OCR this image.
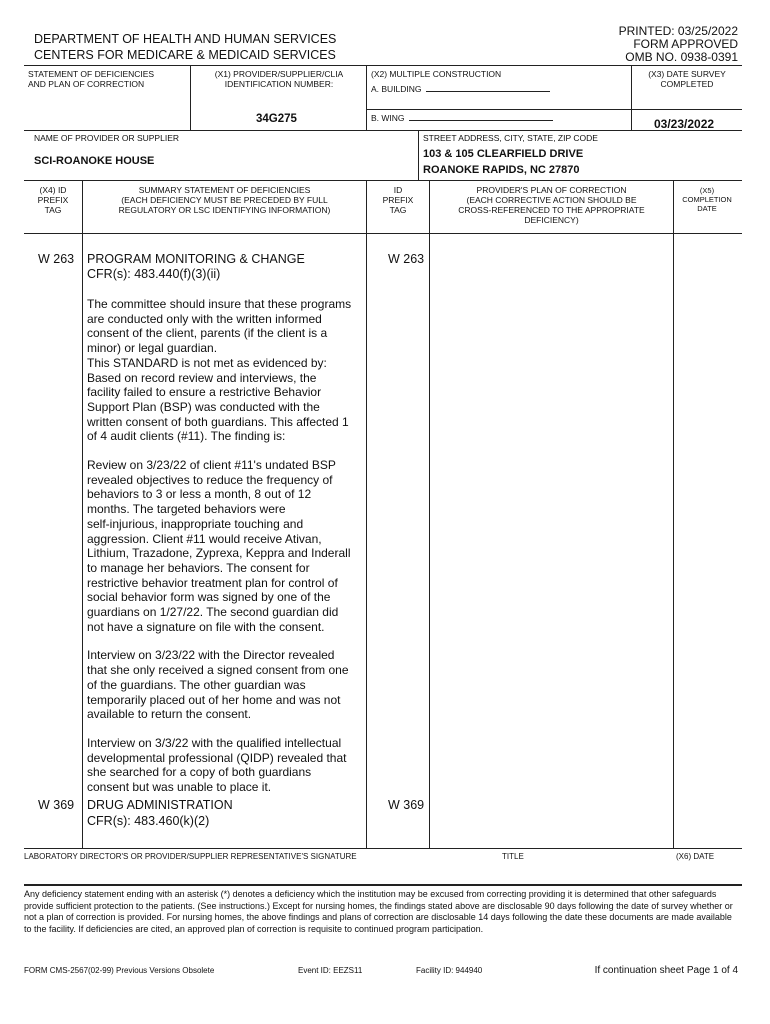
DEPARTMENT OF HEALTH AND HUMAN SERVICES
CENTERS FOR MEDICARE & MEDICAID SERVICES
PRINTED: 03/25/2022
FORM APPROVED
OMB NO. 0938-0391
STATEMENT OF DEFICIENCIES
AND PLAN OF CORRECTION
(X1) PROVIDER/SUPPLIER/CLIA
IDENTIFICATION NUMBER:
34G275
(X2) MULTIPLE CONSTRUCTION
A. BUILDING
B. WING
(X3) DATE SURVEY
COMPLETED
03/23/2022
NAME OF PROVIDER OR SUPPLIER
SCI-ROANOKE HOUSE
STREET ADDRESS, CITY, STATE, ZIP CODE
103 & 105 CLEARFIELD DRIVE
ROANOKE RAPIDS, NC 27870
(X4) ID
PREFIX
TAG
SUMMARY STATEMENT OF DEFICIENCIES
(EACH DEFICIENCY MUST BE PRECEDED BY FULL
REGULATORY OR LSC IDENTIFYING INFORMATION)
ID
PREFIX
TAG
PROVIDER'S PLAN OF CORRECTION
(EACH CORRECTIVE ACTION SHOULD BE
CROSS-REFERENCED TO THE APPROPRIATE
DEFICIENCY)
(X5)
COMPLETION
DATE
W 263	W 263
PROGRAM MONITORING & CHANGE
CFR(s): 483.440(f)(3)(ii)

The committee should insure that these programs
are conducted only with the written informed
consent of the client, parents (if the client is a
minor) or legal guardian.
This STANDARD is not met as evidenced by:
Based on record review and interviews, the
facility failed to ensure a restrictive Behavior
Support Plan (BSP) was conducted with the
written consent of both guardians. This affected 1
of 4 audit clients (#11). The finding is:

Review on 3/23/22 of client #11's undated BSP
revealed objectives to reduce the frequency of
behaviors to 3 or less a month, 8 out of 12
months. The targeted behaviors were
self-injurious, inappropriate touching and
aggression. Client #11 would receive Ativan,
Lithium, Trazadone, Zyprexa, Keppra and Inderall
to manage her behaviors. The consent for
restrictive behavior treatment plan for control of
social behavior form was signed by one of the
guardians on 1/27/22. The second guardian did
not have a signature on file with the consent.

Interview on 3/23/22 with the Director revealed
that she only received a signed consent from one
of the guardians. The other guardian was
temporarily placed out of her home and was not
available to return the consent.

Interview on 3/3/22 with the qualified intellectual
developmental professional (QIDP) revealed that
she searched for a copy of both guardians
consent but was unable to place it.

W 369	W 369
DRUG ADMINISTRATION
CFR(s): 483.460(k)(2)
LABORATORY DIRECTOR'S OR PROVIDER/SUPPLIER REPRESENTATIVE'S SIGNATURE	TITLE	(X6) DATE
Any deficiency statement ending with an asterisk (*) denotes a deficiency which the institution may be excused from correcting providing it is determined that other safeguards provide sufficient protection to the patients. (See instructions.) Except for nursing homes, the findings stated above are disclosable 90 days following the date of survey whether or not a plan of correction is provided. For nursing homes, the above findings and plans of correction are disclosable 14 days following the date these documents are made available to the facility. If deficiencies are cited, an approved plan of correction is requisite to continued program participation.
FORM CMS-2567(02-99) Previous Versions Obsolete	Event ID: EEZS11	Facility ID: 944940	If continuation sheet Page 1 of 4
